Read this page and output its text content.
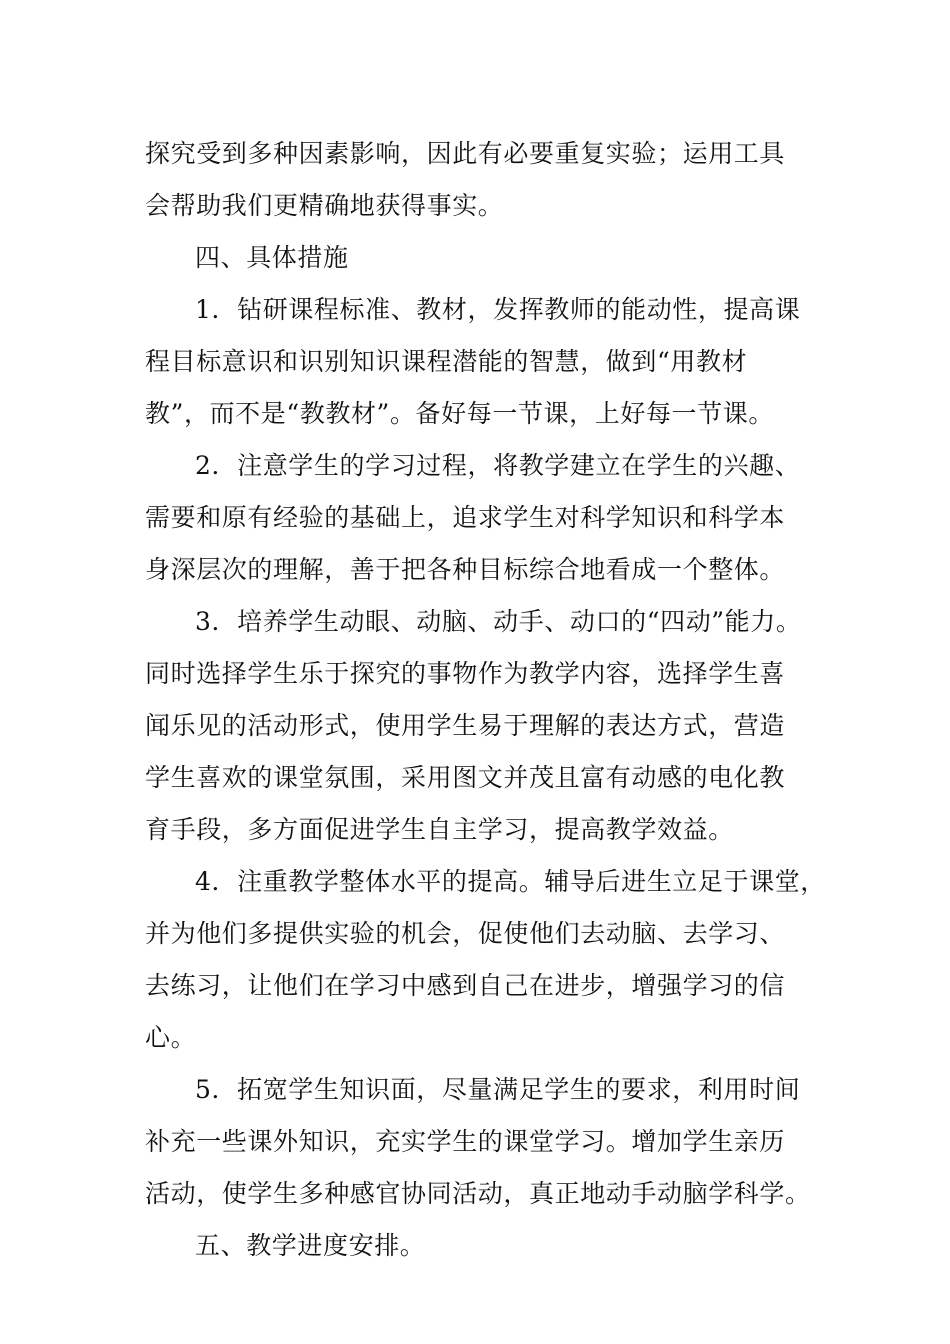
探究受到多种因素影响，因此有必要重复实验；运用工具
会帮助我们更精确地获得事实。
四、具体措施
1．钻研课程标准、教材，发挥教师的能动性，提高课
程目标意识和识别知识课程潜能的智慧，做到“用教材
教”，而不是“教教材”。备好每一节课，上好每一节课。
2．注意学生的学习过程，将教学建立在学生的兴趣、
需要和原有经验的基础上，追求学生对科学知识和科学本
身深层次的理解，善于把各种目标综合地看成一个整体。
3．培养学生动眼、动脑、动手、动口的“四动”能力。
同时选择学生乐于探究的事物作为教学内容，选择学生喜
闻乐见的活动形式，使用学生易于理解的表达方式，营造
学生喜欢的课堂氛围，采用图文并茂且富有动感的电化教
育手段，多方面促进学生自主学习，提高教学效益。
4．注重教学整体水平的提高。辅导后进生立足于课堂，
并为他们多提供实验的机会，促使他们去动脑、去学习、
去练习，让他们在学习中感到自己在进步，增强学习的信
心。
5．拓宽学生知识面，尽量满足学生的要求，利用时间
补充一些课外知识，充实学生的课堂学习。增加学生亲历
活动，使学生多种感官协同活动，真正地动手动脑学科学。
五、教学进度安排。
